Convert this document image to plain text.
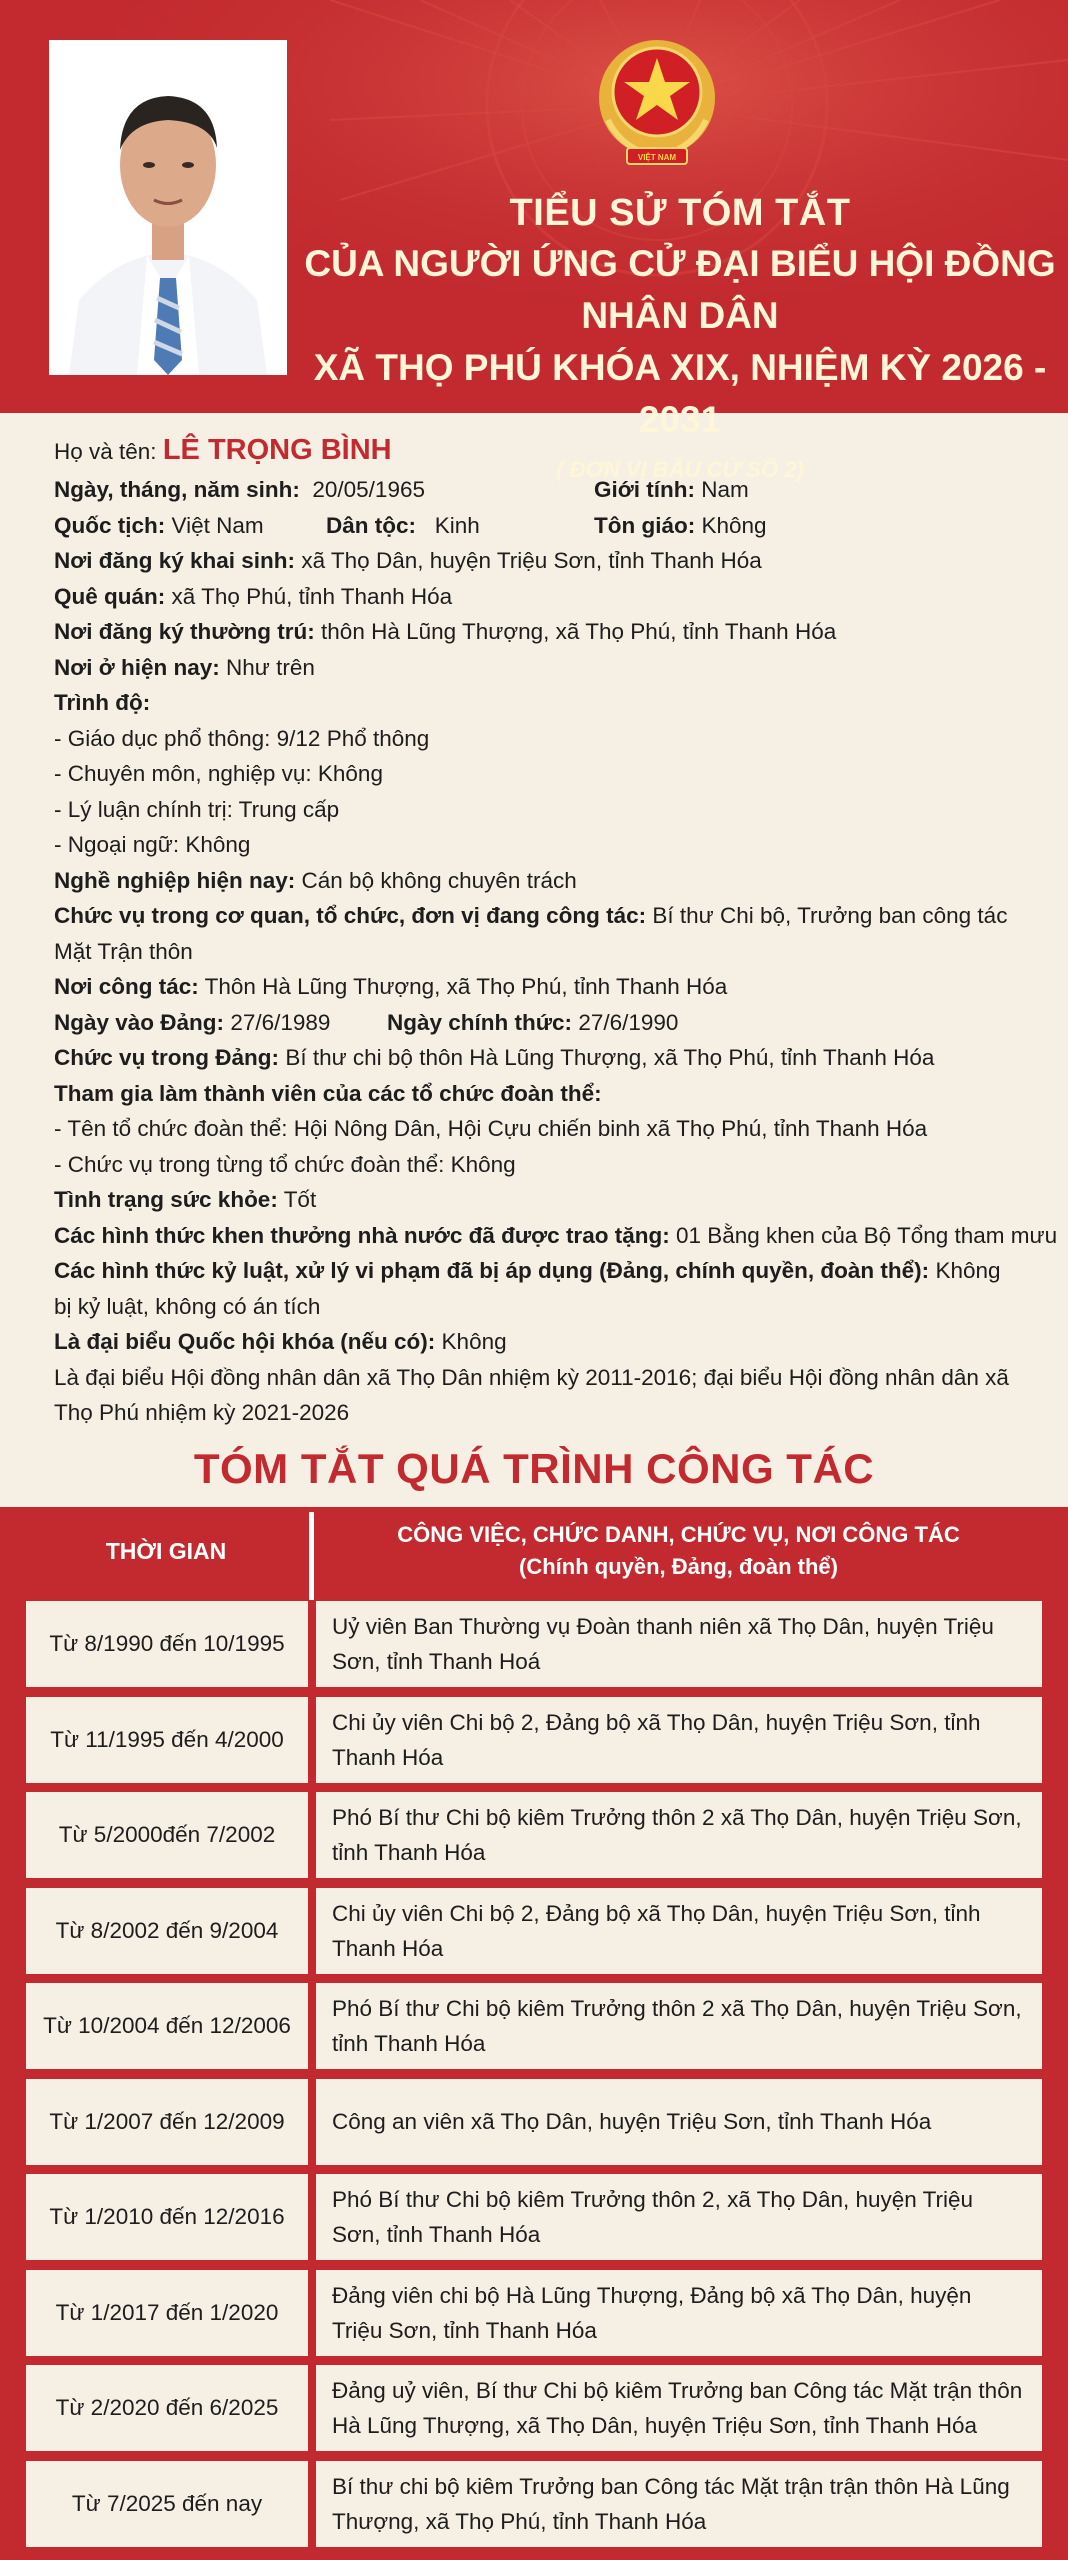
VIỆT NAM
TIỂU SỬ TÓM TẮT
CỦA NGƯỜI ỨNG CỬ ĐẠI BIỂU HỘI ĐỒNG NHÂN DÂN
XÃ THỌ PHÚ KHÓA XIX, NHIỆM KỲ 2026 - 2031
( ĐƠN VỊ BẦU CỬ SỐ 2)
Họ và tên: LÊ TRỌNG BÌNH
Ngày, tháng, năm sinh: 20/05/1965	Giới tính: Nam
Quốc tịch: Việt Nam	Dân tộc: Kinh	Tôn giáo: Không
Nơi đăng ký khai sinh: xã Thọ Dân, huyện Triệu Sơn, tỉnh Thanh Hóa
Quê quán: xã Thọ Phú, tỉnh Thanh Hóa
Nơi đăng ký thường trú: thôn Hà Lũng Thượng, xã Thọ Phú, tỉnh Thanh Hóa
Nơi ở hiện nay: Như trên
Trình độ:
- Giáo dục phổ thông: 9/12 Phổ thông
- Chuyên môn, nghiệp vụ: Không
- Lý luận chính trị: Trung cấp
- Ngoại ngữ: Không
Nghề nghiệp hiện nay: Cán bộ không chuyên trách
Chức vụ trong cơ quan, tổ chức, đơn vị đang công tác: Bí thư Chi bộ, Trưởng ban công tác Mặt Trận thôn
Nơi công tác: Thôn Hà Lũng Thượng, xã Thọ Phú, tỉnh Thanh Hóa
Ngày vào Đảng: 27/6/1989	Ngày chính thức: 27/6/1990
Chức vụ trong Đảng: Bí thư chi bộ thôn Hà Lũng Thượng, xã Thọ Phú, tỉnh Thanh Hóa
Tham gia làm thành viên của các tổ chức đoàn thể:
- Tên tổ chức đoàn thể: Hội Nông Dân, Hội Cựu chiến binh xã Thọ Phú, tỉnh Thanh Hóa
- Chức vụ trong từng tổ chức đoàn thể: Không
Tình trạng sức khỏe: Tốt
Các hình thức khen thưởng nhà nước đã được trao tặng: 01 Bằng khen của Bộ Tổng tham mưu
Các hình thức kỷ luật, xử lý vi phạm đã bị áp dụng (Đảng, chính quyền, đoàn thể): Không bị kỷ luật, không có án tích
Là đại biểu Quốc hội khóa (nếu có): Không
Là đại biểu Hội đồng nhân dân xã Thọ Dân nhiệm kỳ 2011-2016; đại biểu Hội đồng nhân dân xã Thọ Phú nhiệm kỳ 2021-2026
TÓM TẮT QUÁ TRÌNH CÔNG TÁC
THỜI GIAN
CÔNG VIỆC, CHỨC DANH, CHỨC VỤ, NƠI CÔNG TÁC
(Chính quyền, Đảng, đoàn thể)
Từ 8/1990 đến 10/1995
Uỷ viên Ban Thường vụ Đoàn thanh niên xã Thọ Dân, huyện Triệu Sơn, tỉnh Thanh Hoá
Từ 11/1995 đến 4/2000
Chi ủy viên Chi bộ 2, Đảng bộ xã Thọ Dân, huyện Triệu Sơn, tỉnh Thanh Hóa
Từ 5/2000đến 7/2002
Phó Bí thư Chi bộ kiêm Trưởng thôn 2 xã Thọ Dân, huyện Triệu Sơn, tỉnh Thanh Hóa
Từ 8/2002 đến 9/2004
Chi ủy viên Chi bộ 2, Đảng bộ xã Thọ Dân, huyện Triệu Sơn, tỉnh Thanh Hóa
Từ 10/2004 đến 12/2006
Phó Bí thư Chi bộ kiêm Trưởng thôn 2 xã Thọ Dân, huyện Triệu Sơn, tỉnh Thanh Hóa
Từ 1/2007 đến 12/2009	Công an viên xã Thọ Dân, huyện Triệu Sơn, tỉnh Thanh Hóa
Từ 1/2010 đến 12/2016
Phó Bí thư Chi bộ kiêm Trưởng thôn 2, xã Thọ Dân, huyện Triệu Sơn, tỉnh Thanh Hóa
Từ 1/2017 đến 1/2020
Đảng viên chi bộ Hà Lũng Thượng, Đảng bộ xã Thọ Dân, huyện Triệu Sơn, tỉnh Thanh Hóa
Từ 2/2020 đến 6/2025
Đảng uỷ viên, Bí thư Chi bộ kiêm Trưởng ban Công tác Mặt trận thôn Hà Lũng Thượng, xã Thọ Dân, huyện Triệu Sơn, tỉnh Thanh Hóa
Từ 7/2025 đến nay
Bí thư chi bộ kiêm Trưởng ban Công tác Mặt trận trận thôn Hà Lũng Thượng, xã Thọ Phú, tỉnh Thanh Hóa
